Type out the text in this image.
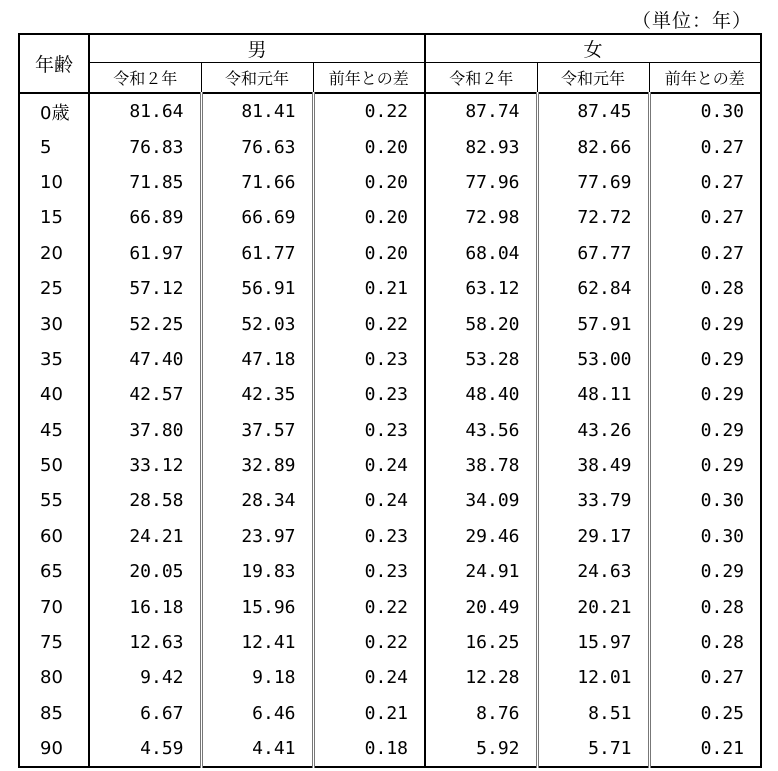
（単位：年）
年齢	男			女		
	令和２年	令和元年	前年との差	令和２年	令和元年	前年との差
0歳	81.64	81.41	0.22	87.74	87.45	0.30
5	76.83	76.63	0.20	82.93	82.66	0.27
10	71.85	71.66	0.20	77.96	77.69	0.27
15	66.89	66.69	0.20	72.98	72.72	0.27
20	61.97	61.77	0.20	68.04	67.77	0.27
25	57.12	56.91	0.21	63.12	62.84	0.28
30	52.25	52.03	0.22	58.20	57.91	0.29
35	47.40	47.18	0.23	53.28	53.00	0.29
40	42.57	42.35	0.23	48.40	48.11	0.29
45	37.80	37.57	0.23	43.56	43.26	0.29
50	33.12	32.89	0.24	38.78	38.49	0.29
55	28.58	28.34	0.24	34.09	33.79	0.30
60	24.21	23.97	0.23	29.46	29.17	0.30
65	20.05	19.83	0.23	24.91	24.63	0.29
70	16.18	15.96	0.22	20.49	20.21	0.28
75	12.63	12.41	0.22	16.25	15.97	0.28
80	9.42	9.18	0.24	12.28	12.01	0.27
85	6.67	6.46	0.21	8.76	8.51	0.25
90	4.59	4.41	0.18	5.92	5.71	0.21
